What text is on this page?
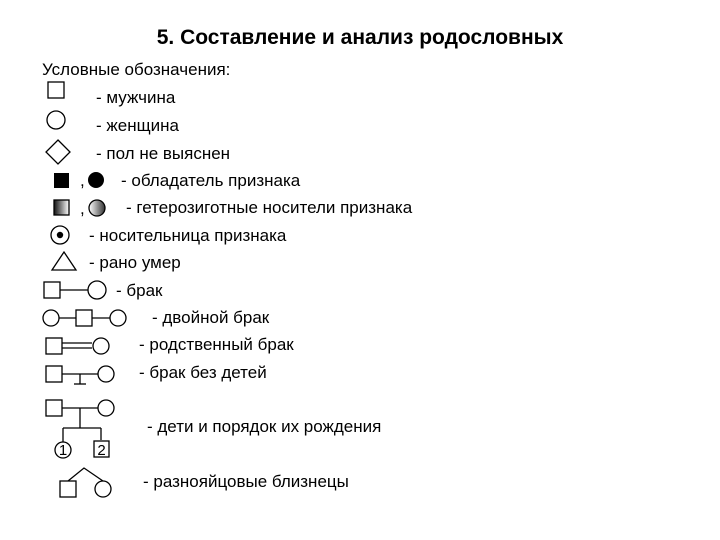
5. Составление и анализ родословных
Условные обозначения:
,
,
1 2
- мужчина
- женщина
- пол не выяснен
- обладатель признака
- гетерозиготные носители признака
- носительница признака
- рано умер
- брак
- двойной брак
- родственный брак
- брак без детей
- дети и порядок их рождения
- разнояйцовые близнецы
